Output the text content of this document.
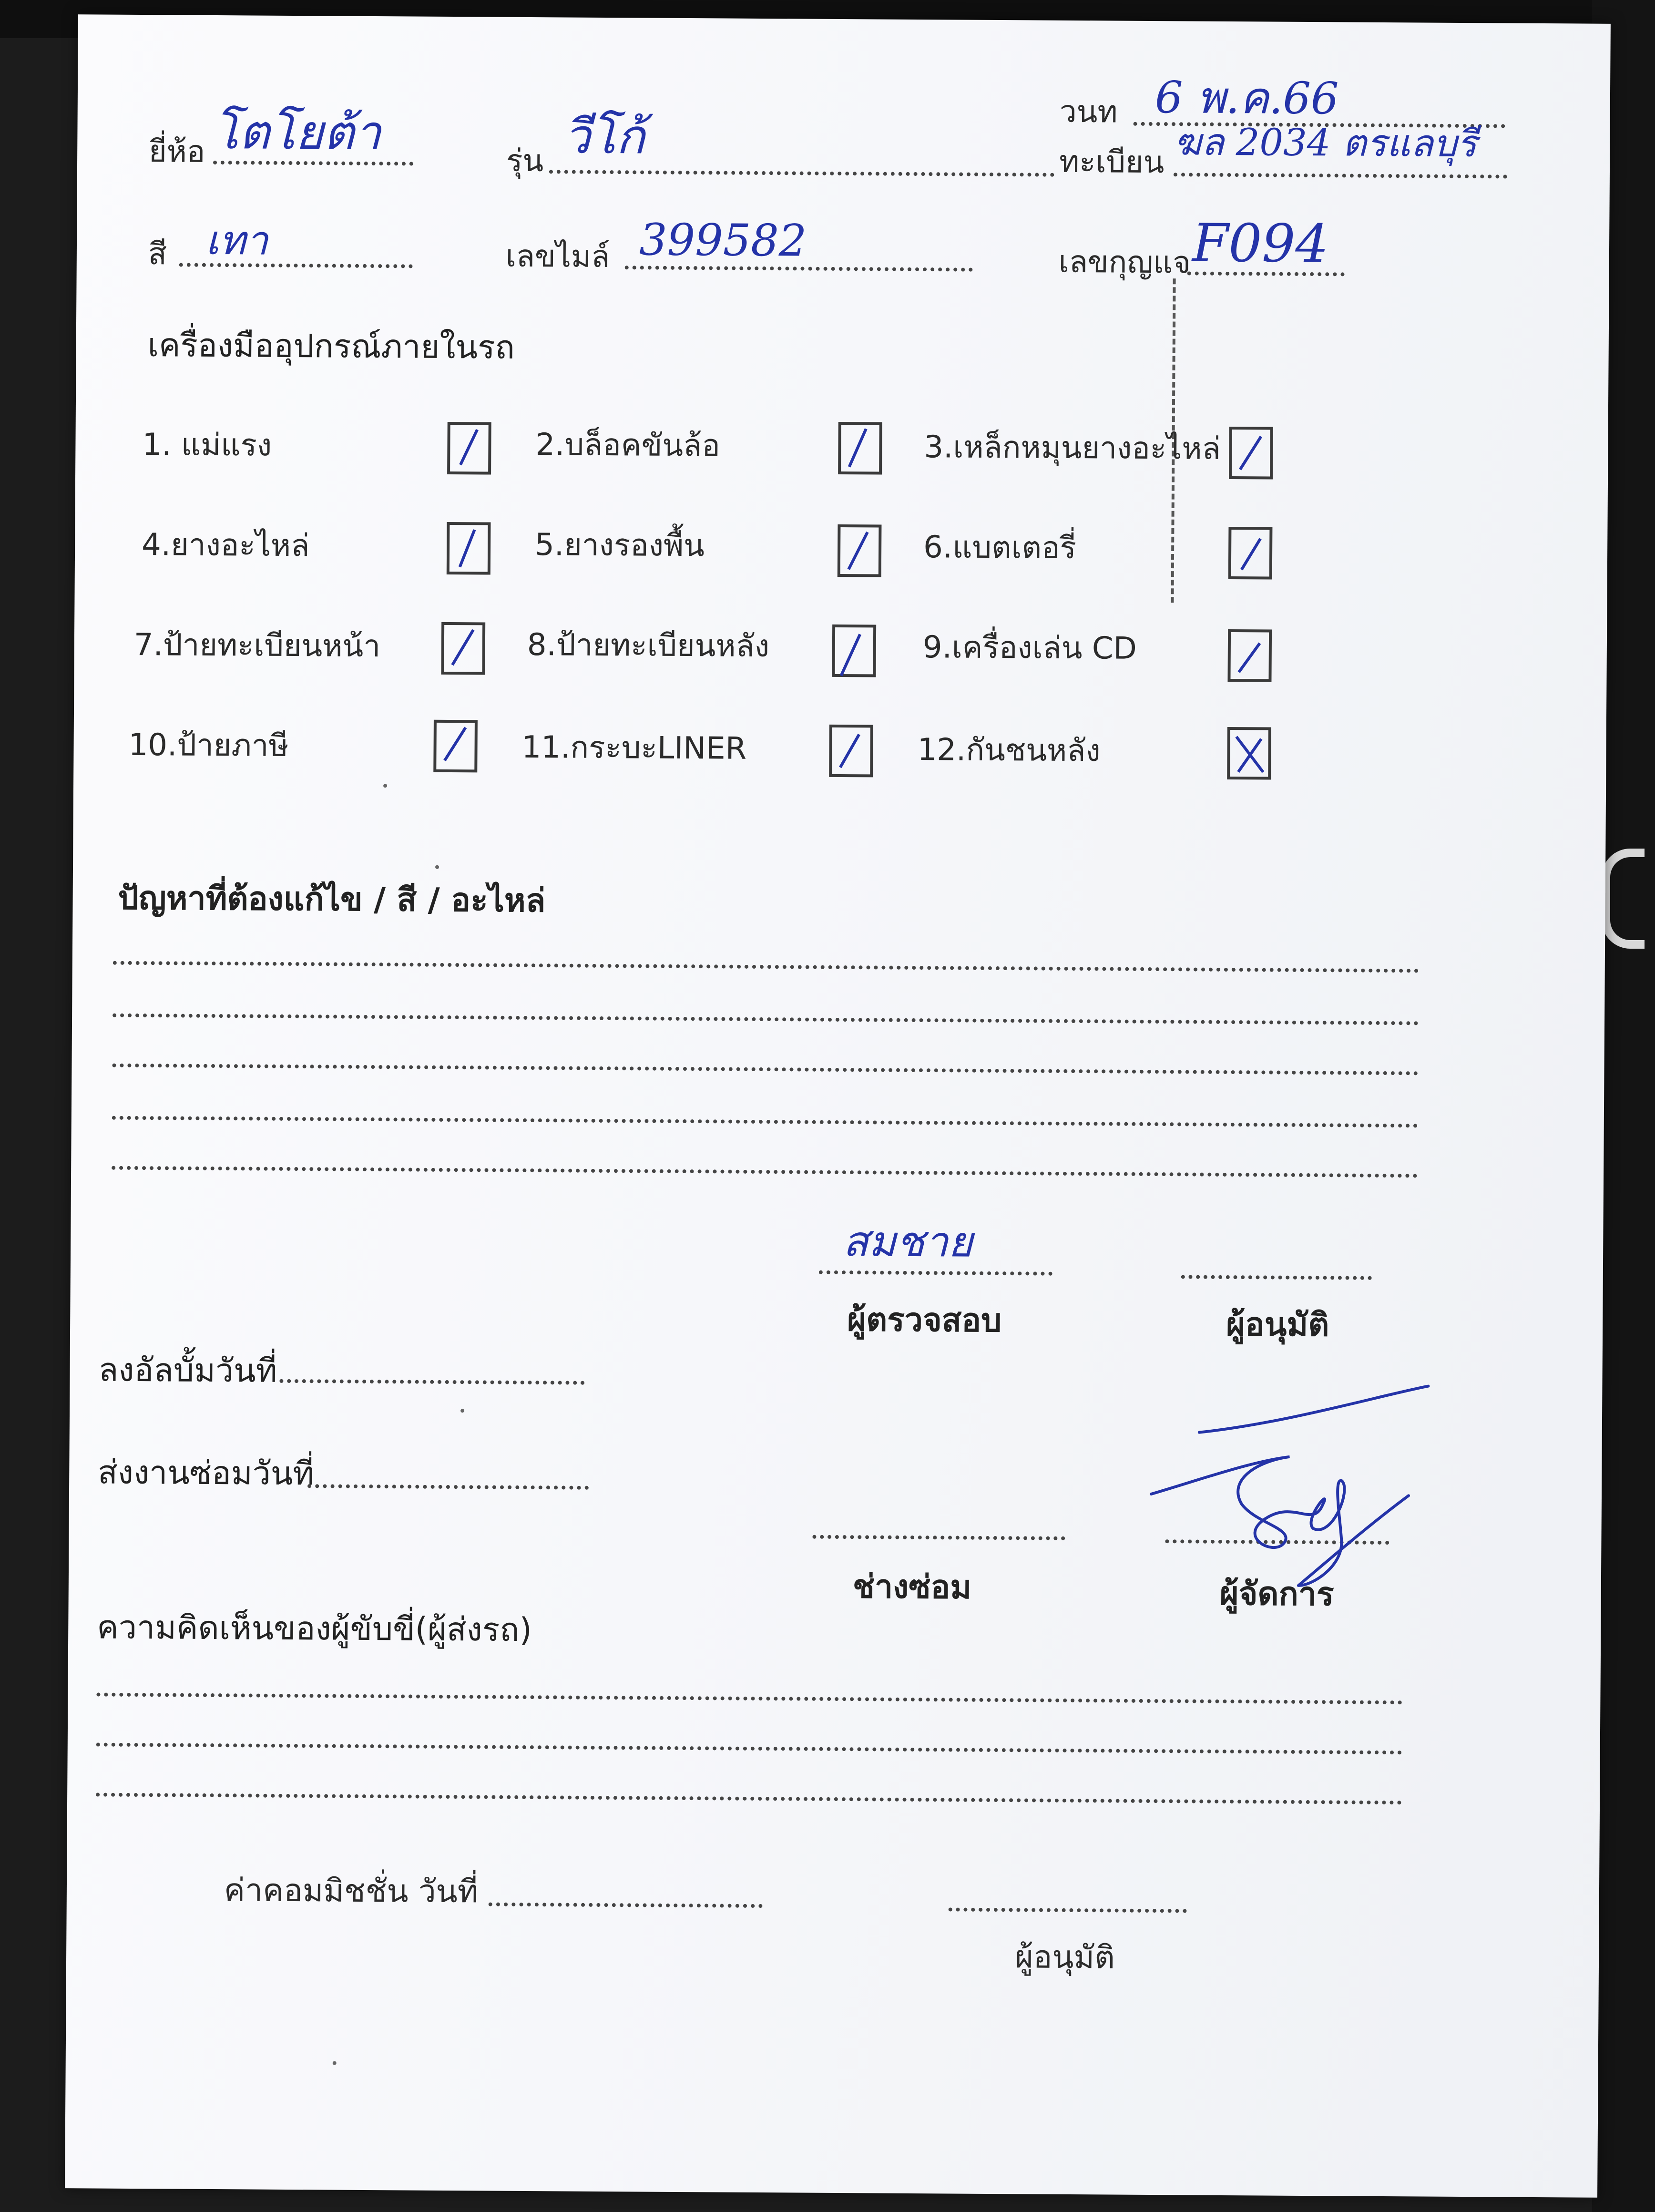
วนท 6 พ.ค.66
ยี่ห้อ โตโยต้า
รุ่น วีโก้	ทะเบียน ฆล 2034 ตรแลบุรี
สี เทา	เลขไมล์ 399582	เลขกุญแจ F094
เครื่องมืออุปกรณ์ภายในรถ
1. แม่แรง	2.บล็อคขันล้อ	3.เหล็กหมุนยางอะไหล่
4.ยางอะไหล่	5.ยางรองพื้น	6.แบตเตอรี่
7.ป้ายทะเบียนหน้า	8.ป้ายทะเบียนหลัง	9.เครื่องเล่น CD
10.ป้ายภาษี	11.กระบะLINER	12.กันชนหลัง
ปัญหาที่ต้องแก้ไข / สี / อะไหล่
สมชาย
ผู้ตรวจสอบ	ผู้อนุมัติ
ลงอัลบั้มวันที่
ส่งงานซ่อมวันที่
ช่างซ่อม	ผู้จัดการ
ความคิดเห็นของผู้ขับขี่(ผู้ส่งรถ)
ค่าคอมมิชชั่น วันที่
ผู้อนุมัติ
